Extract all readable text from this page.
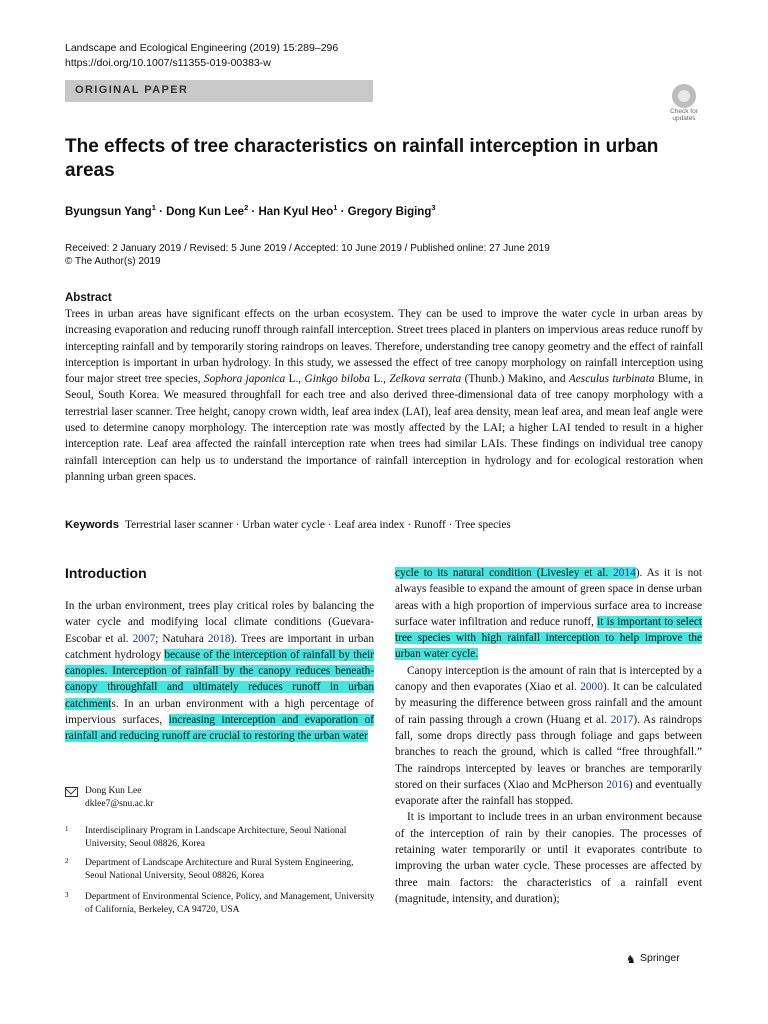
Landscape and Ecological Engineering (2019) 15:289–296
https://doi.org/10.1007/s11355-019-00383-w
ORIGINAL PAPER
Check for
updates
The effects of tree characteristics on rainfall interception in urban areas
Byungsun Yang$^1$ · Dong Kun Lee$^2$ · Han Kyul Heo$^1$ · Gregory Biging$^3$
Received: 2 January 2019 / Revised: 5 June 2019 / Accepted: 10 June 2019 / Published online: 27 June 2019
© The Author(s) 2019
Abstract
Trees in urban areas have significant effects on the urban ecosystem. They can be used to improve the water cycle in urban areas by increasing evaporation and reducing runoff through rainfall interception. Street trees placed in planters on impervious areas reduce runoff by intercepting rainfall and by temporarily storing raindrops on leaves. Therefore, understanding tree canopy geometry and the effect of rainfall interception is important in urban hydrology. In this study, we assessed the effect of tree canopy morphology on rainfall interception using four major street tree species, Sophora japonica L., Ginkgo biloba L., Zelkova serrata (Thunb.) Makino, and Aesculus turbinata Blume, in Seoul, South Korea. We measured throughfall for each tree and also derived three-dimensional data of tree canopy morphology with a terrestrial laser scanner. Tree height, canopy crown width, leaf area index (LAI), leaf area density, mean leaf area, and mean leaf angle were used to determine canopy morphology. The interception rate was mostly affected by the LAI; a higher LAI tended to result in a higher interception rate. Leaf area affected the rainfall interception rate when trees had similar LAIs. These findings on individual tree canopy rainfall interception can help us to understand the importance of rainfall interception in hydrology and for ecological restoration when planning urban green spaces.
Keywords Terrestrial laser scanner · Urban water cycle · Leaf area index · Runoff · Tree species
Introduction

In the urban environment, trees play critical roles by balancing the water cycle and modifying local climate conditions (Guevara-Escobar et al. 2007; Natuhara 2018). Trees are important in urban catchment hydrology because of the interception of rainfall by their canopies. Interception of rainfall by the canopy reduces beneath-canopy throughfall and ultimately reduces runoff in urban catchments. In an urban environment with a high percentage of impervious surfaces, increasing interception and evaporation of rainfall and reducing runoff are crucial to restoring the urban water

cycle to its natural condition (Livesley et al. 2014). As it is not always feasible to expand the amount of green space in dense urban areas with a high proportion of impervious surface area to increase surface water infiltration and reduce runoff, it is important to select tree species with high rainfall interception to help improve the urban water cycle.

Canopy interception is the amount of rain that is intercepted by a canopy and then evaporates (Xiao et al. 2000). It can be calculated by measuring the difference between gross rainfall and the amount of rain passing through a crown (Huang et al. 2017). As raindrops fall, some drops directly pass through foliage and gaps between branches to reach the ground, which is called “free throughfall.” The raindrops intercepted by leaves or branches are temporarily stored on their surfaces (Xiao and McPherson 2016) and eventually evaporate after the rainfall has stopped.

It is important to include trees in an urban environment because of the interception of rain by their canopies. The processes of retaining water temporarily or until it evaporates contribute to improving the urban water cycle. These processes are affected by three main factors: the characteristics of a rainfall event (magnitude, intensity, and duration);

Dong Kun Lee
dklee7@snu.ac.kr
1 Interdisciplinary Program in Landscape Architecture, Seoul National University, Seoul 08826, Korea
2 Department of Landscape Architecture and Rural System Engineering, Seoul National University, Seoul 08826, Korea
3 Department of Environmental Science, Policy, and Management, University of California, Berkeley, CA 94720, USA
♞ Springer
